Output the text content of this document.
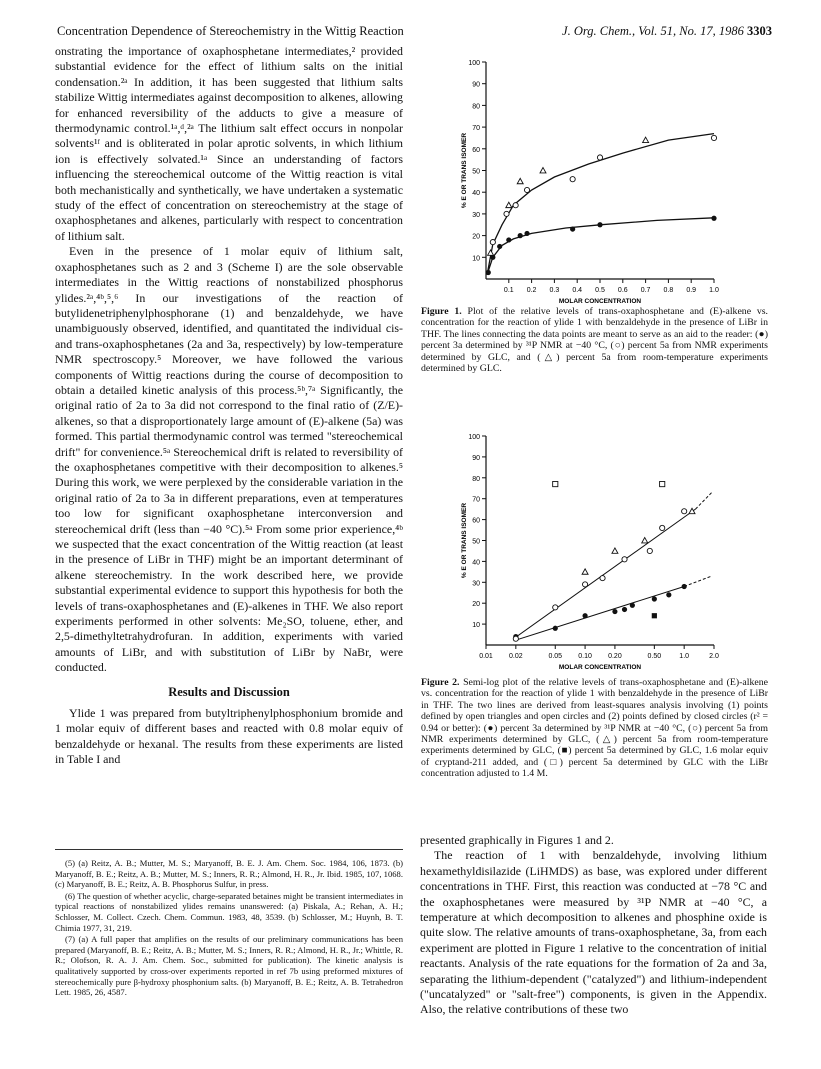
Concentration Dependence of Stereochemistry in the Wittig Reaction	J. Org. Chem., Vol. 51, No. 17, 1986 3303

onstrating the importance of oxaphosphetane intermediates,² provided substantial evidence for the effect of lithium salts on the initial condensation.²ᵃ In addition, it has been suggested that lithium salts stabilize Wittig intermediates against decomposition to alkenes, allowing for enhanced reversibility of the adducts to give a measure of thermodynamic control.¹ᵃ,ᵈ,²ᵃ The lithium salt effect occurs in nonpolar solvents¹ᶠ and is obliterated in polar aprotic solvents, in which lithium ion is effectively solvated.¹ᵃ Since an understanding of factors influencing the stereochemical outcome of the Wittig reaction is vital both mechanistically and synthetically, we have undertaken a systematic study of the effect of concentration on stereochemistry at the stage of oxaphosphetanes and alkenes, particularly with respect to concentration of lithium salt.

Even in the presence of 1 molar equiv of lithium salt, oxaphosphetanes such as 2 and 3 (Scheme I) are the sole observable intermediates in the Wittig reactions of nonstabilized phosphorus ylides.²ᵃ,⁴ᵇ,⁵,⁶ In our investigations of the reaction of butylidenetriphenylphosphorane (1) and benzaldehyde, we have unambiguously observed, identified, and quantitated the individual cis- and trans-oxaphosphetanes (2a and 3a, respectively) by low-temperature NMR spectroscopy.⁵ Moreover, we have followed the various components of Wittig reactions during the course of decomposition to obtain a detailed kinetic analysis of this process.⁵ᵇ,⁷ᵃ Significantly, the original ratio of 2a to 3a did not correspond to the final ratio of (Z/E)-alkenes, so that a disproportionately large amount of (E)-alkene (5a) was formed. This partial thermodynamic control was termed "stereochemical drift" for convenience.⁵ᵃ Stereochemical drift is related to reversibility of the oxaphosphetanes competitive with their decomposition to alkenes.⁵ During this work, we were perplexed by the considerable variation in the original ratio of 2a to 3a in different preparations, even at temperatures too low for significant oxaphosphetane interconversion and stereochemical drift (less than −40 °C).⁵ᵃ From some prior experience,⁴ᵇ we suspected that the exact concentration of the Wittig reaction (at least in the presence of LiBr in THF) might be an important determinant of alkene stereochemistry. In the work described here, we provide substantial experimental evidence to support this hypothesis for both the levels of trans-oxaphosphetanes and (E)-alkenes in THF. We also report experiments performed in other solvents: Me₂SO, toluene, ether, and 2,5-dimethyltetrahydrofuran. In addition, experiments with varied amounts of LiBr, and with substitution of LiBr by NaBr, were conducted.

Results and Discussion

Ylide 1 was prepared from butyltriphenylphosphonium bromide and 1 molar equiv of different bases and reacted with 0.8 molar equiv of benzaldehyde or hexanal. The results from these experiments are listed in Table I and

(5) (a) Reitz, A. B.; Mutter, M. S.; Maryanoff, B. E. J. Am. Chem. Soc. 1984, 106, 1873. (b) Maryanoff, B. E.; Reitz, A. B.; Mutter, M. S.; Inners, R. R.; Almond, H. R., Jr. Ibid. 1985, 107, 1068. (c) Maryanoff, B. E.; Reitz, A. B. Phosphorus Sulfur, in press.

(6) The question of whether acyclic, charge-separated betaines might be transient intermediates in typical reactions of nonstabilized ylides remains unanswered: (a) Piskala, A.; Rehan, A. H.; Schlosser, M. Collect. Czech. Chem. Commun. 1983, 48, 3539. (b) Schlosser, M.; Huynh, B. T. Chimia 1977, 31, 219.

(7) (a) A full paper that amplifies on the results of our preliminary communications has been prepared (Maryanoff, B. E.; Reitz, A. B.; Mutter, M. S.; Inners, R. R.; Almond, H. R., Jr.; Whittle, R. R.; Olofson, R. A. J. Am. Chem. Soc., submitted for publication). The kinetic analysis is qualitatively supported by cross-over experiments reported in ref 7b using preformed mixtures of stereochemically pure β-hydroxy phosphonium salts. (b) Maryanoff, B. E.; Reitz, A. B. Tetrahedron Lett. 1985, 26, 4587.

10
20
30
40
50
60
70
80
90
100
0.1 0.2 0.3 0.4 0.5 0.6 0.7 0.8 0.9 1.0
MOLAR CONCENTRATION
% E OR TRANS ISOMER
Figure 1. Plot of the relative levels of trans-oxaphosphetane and (E)-alkene vs. concentration for the reaction of ylide 1 with benzaldehyde in the presence of LiBr in THF. The lines connecting the data points are meant to serve as an aid to the reader: (●) percent 3a determined by ³¹P NMR at −40 °C, (○) percent 5a from NMR experiments determined by GLC, and (△) percent 5a from room-temperature experiments determined by GLC.
10
20
30
40
50
60
70
80
90
100
0.01 0.02	0.05 0.10 0.20	0.50	1.0	2.0
MOLAR CONCENTRATION
% E OR TRANS ISOMER
Figure 2. Semi-log plot of the relative levels of trans-oxaphosphetane and (E)-alkene vs. concentration for the reaction of ylide 1 with benzaldehyde in the presence of LiBr in THF. The two lines are derived from least-squares analysis involving (1) points defined by open triangles and open circles and (2) points defined by closed circles (r² = 0.94 or better): (●) percent 3a determined by ³¹P NMR at −40 °C, (○) percent 5a from NMR experiments determined by GLC, (△) percent 5a from room-temperature experiments determined by GLC, (■) percent 5a determined by GLC, 1.6 molar equiv of cryptand-211 added, and (□) percent 5a determined by GLC with the LiBr concentration adjusted to 1.4 M.

presented graphically in Figures 1 and 2.

The reaction of 1 with benzaldehyde, involving lithium hexamethyldisilazide (LiHMDS) as base, was explored under different concentrations in THF. First, this reaction was conducted at −78 °C and the oxaphosphetanes were measured by ³¹P NMR at −40 °C, a temperature at which decomposition to alkenes and phosphine oxide is quite slow. The relative amounts of trans-oxaphosphetane, 3a, from each experiment are plotted in Figure 1 relative to the concentration of initial reactants. Analysis of the rate equations for the formation of 2a and 3a, separating the lithium-dependent ("catalyzed") and lithium-independent ("uncatalyzed" or "salt-free") components, is given in the Appendix. Also, the relative contributions of these two
